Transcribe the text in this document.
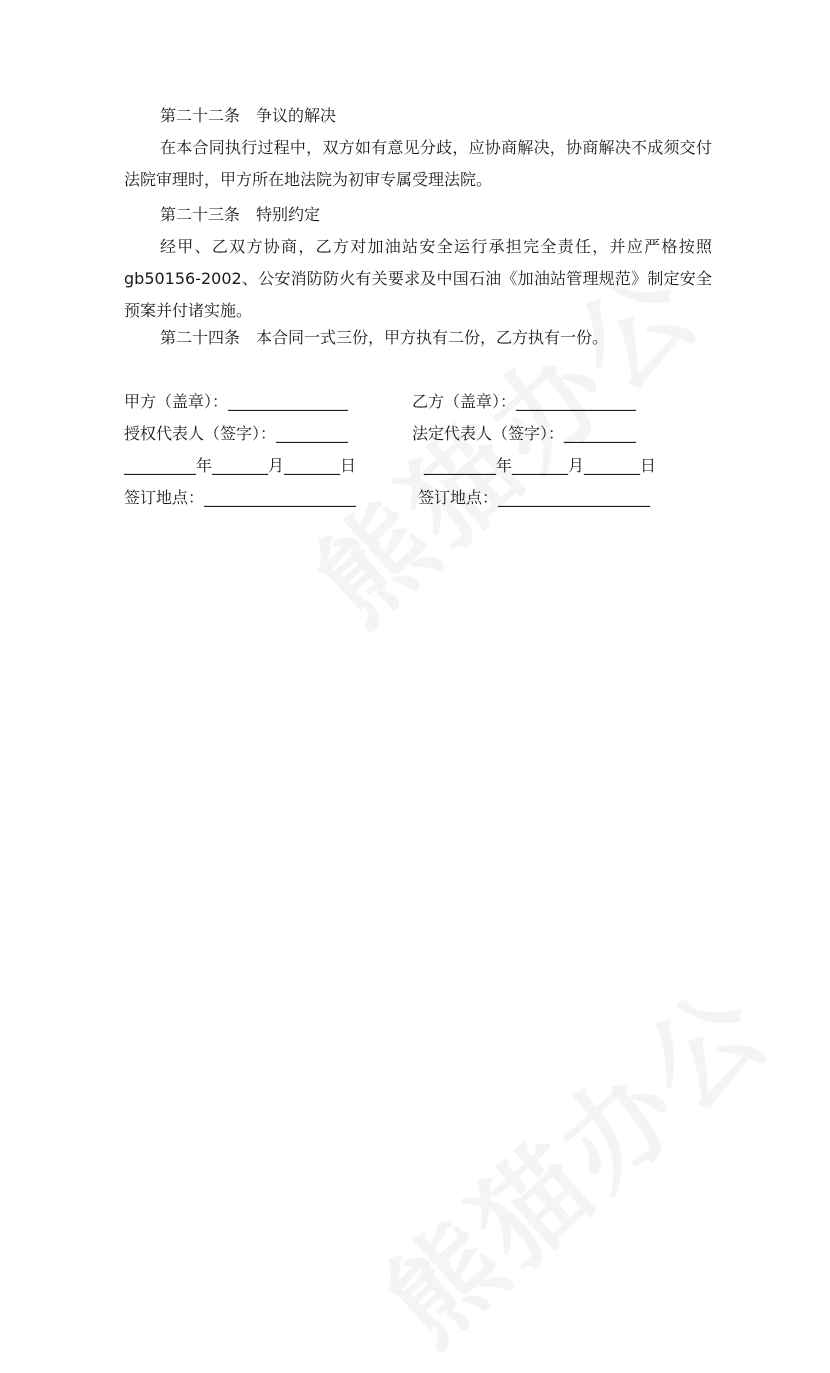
第二十二条　争议的解决
在本合同执行过程中，双方如有意见分歧，应协商解决，协商解决不成须交付法院审理时，甲方所在地法院为初审专属受理法院。
第二十三条　特别约定
经甲、乙双方协商，乙方对加油站安全运行承担完全责任，并应严格按照gb50156-2002、公安消防防火有关要求及中国石油《加油站管理规范》制定安全预案并付诸实施。
第二十四条　本合同一式三份，甲方执有二份，乙方执有一份。
甲方（盖章）：_______________	乙方（盖章）：_______________
授权代表人（签字）：_________	法定代表人（签字）：_________
_________年_______月_______日	_________年_______月_______日
签订地点：___________________	签订地点：___________________
